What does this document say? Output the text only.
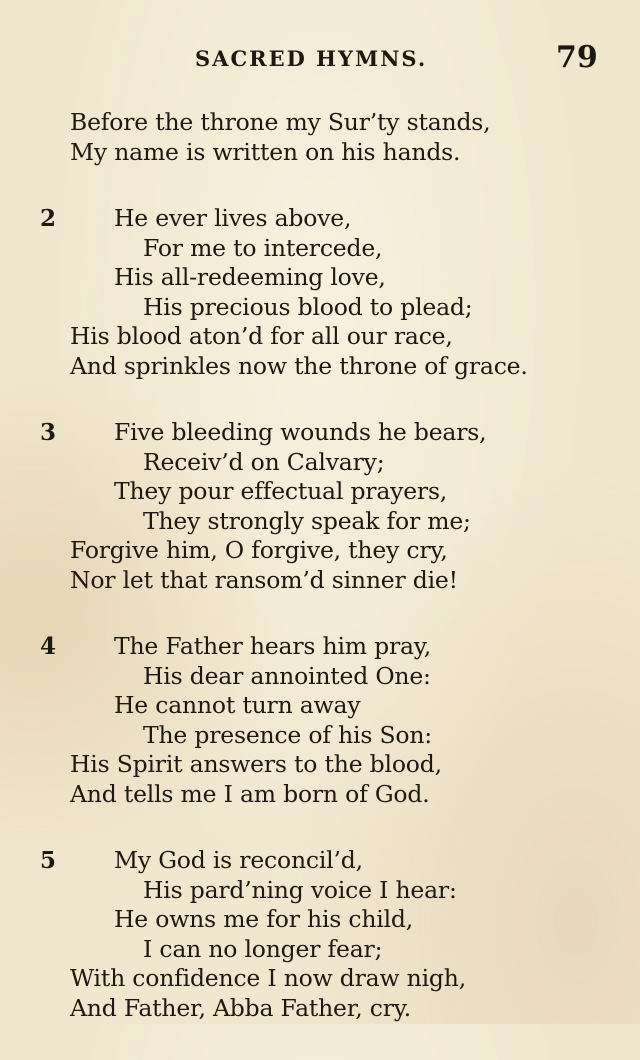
SACRED HYMNS.	79
Before the throne my Sur’ty stands,
My name is written on his hands.
2	He ever lives above,
For me to intercede,
His all-redeeming love,
His precious blood to plead;
His blood aton’d for all our race,
And sprinkles now the throne of grace.
3	Five bleeding wounds he bears,
Receiv’d on Calvary;
They pour effectual prayers,
They strongly speak for me;
Forgive him, O forgive, they cry,
Nor let that ransom’d sinner die!
4	The Father hears him pray,
His dear annointed One:
He cannot turn away
The presence of his Son:
His Spirit answers to the blood,
And tells me I am born of God.
5	My God is reconcil’d,
His pard’ning voice I hear:
He owns me for his child,
I can no longer fear;
With confidence I now draw nigh,
And Father, Abba Father, cry.
